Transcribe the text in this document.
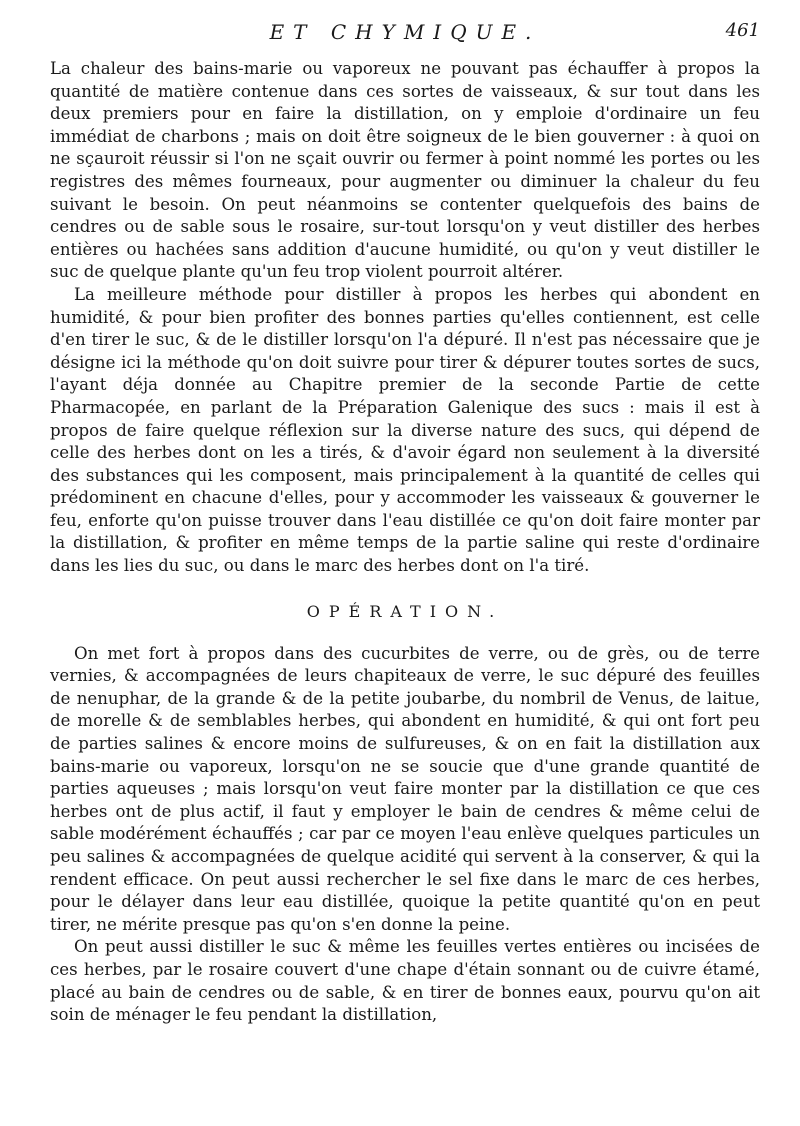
ET CHYMIQUE.	461

La chaleur des bains-marie ou vaporeux ne pouvant pas échauffer à propos la quantité de matière contenue dans ces sortes de vaisseaux, & sur tout dans les deux premiers pour en faire la distillation, on y emploie d'ordinaire un feu immédiat de charbons ; mais on doit être soigneux de le bien gouverner : à quoi on ne sçauroit réussir si l'on ne sçait ouvrir ou fermer à point nommé les portes ou les registres des mêmes fourneaux, pour augmenter ou diminuer la chaleur du feu suivant le besoin. On peut néanmoins se contenter quelquefois des bains de cendres ou de sable sous le rosaire, sur-tout lorsqu'on y veut distiller des herbes entières ou hachées sans addition d'aucune humidité, ou qu'on y veut distiller le suc de quelque plante qu'un feu trop violent pourroit altérer.

La meilleure méthode pour distiller à propos les herbes qui abondent en humidité, & pour bien profiter des bonnes parties qu'elles contiennent, est celle d'en tirer le suc, & de le distiller lorsqu'on l'a dépuré. Il n'est pas nécessaire que je désigne ici la méthode qu'on doit suivre pour tirer & dépurer toutes sortes de sucs, l'ayant déja donnée au Chapitre premier de la seconde Partie de cette Pharmacopée, en parlant de la Préparation Galenique des sucs : mais il est à propos de faire quelque réflexion sur la diverse nature des sucs, qui dépend de celle des herbes dont on les a tirés, & d'avoir égard non seulement à la diversité des substances qui les composent, mais principalement à la quantité de celles qui prédominent en chacune d'elles, pour y accommoder les vaisseaux & gouverner le feu, enforte qu'on puisse trouver dans l'eau distillée ce qu'on doit faire monter par la distillation, & profiter en même temps de la partie saline qui reste d'ordinaire dans les lies du suc, ou dans le marc des herbes dont on l'a tiré.

OPÉRATION.

On met fort à propos dans des cucurbites de verre, ou de grès, ou de terre vernies, & accompagnées de leurs chapiteaux de verre, le suc dépuré des feuilles de nenuphar, de la grande & de la petite joubarbe, du nombril de Venus, de laitue, de morelle & de semblables herbes, qui abondent en humidité, & qui ont fort peu de parties salines & encore moins de sulfureuses, & on en fait la distillation aux bains-marie ou vaporeux, lorsqu'on ne se soucie que d'une grande quantité de parties aqueuses ; mais lorsqu'on veut faire monter par la distillation ce que ces herbes ont de plus actif, il faut y employer le bain de cendres & même celui de sable modérément échauffés ; car par ce moyen l'eau enlève quelques particules un peu salines & accompagnées de quelque acidité qui servent à la conserver, & qui la rendent efficace. On peut aussi rechercher le sel fixe dans le marc de ces herbes, pour le délayer dans leur eau distillée, quoique la petite quantité qu'on en peut tirer, ne mérite presque pas qu'on s'en donne la peine.

On peut aussi distiller le suc & même les feuilles vertes entières ou incisées de ces herbes, par le rosaire couvert d'une chape d'étain sonnant ou de cuivre étamé, placé au bain de cendres ou de sable, & en tirer de bonnes eaux, pourvu qu'on ait soin de ménager le feu pendant la distillation,
